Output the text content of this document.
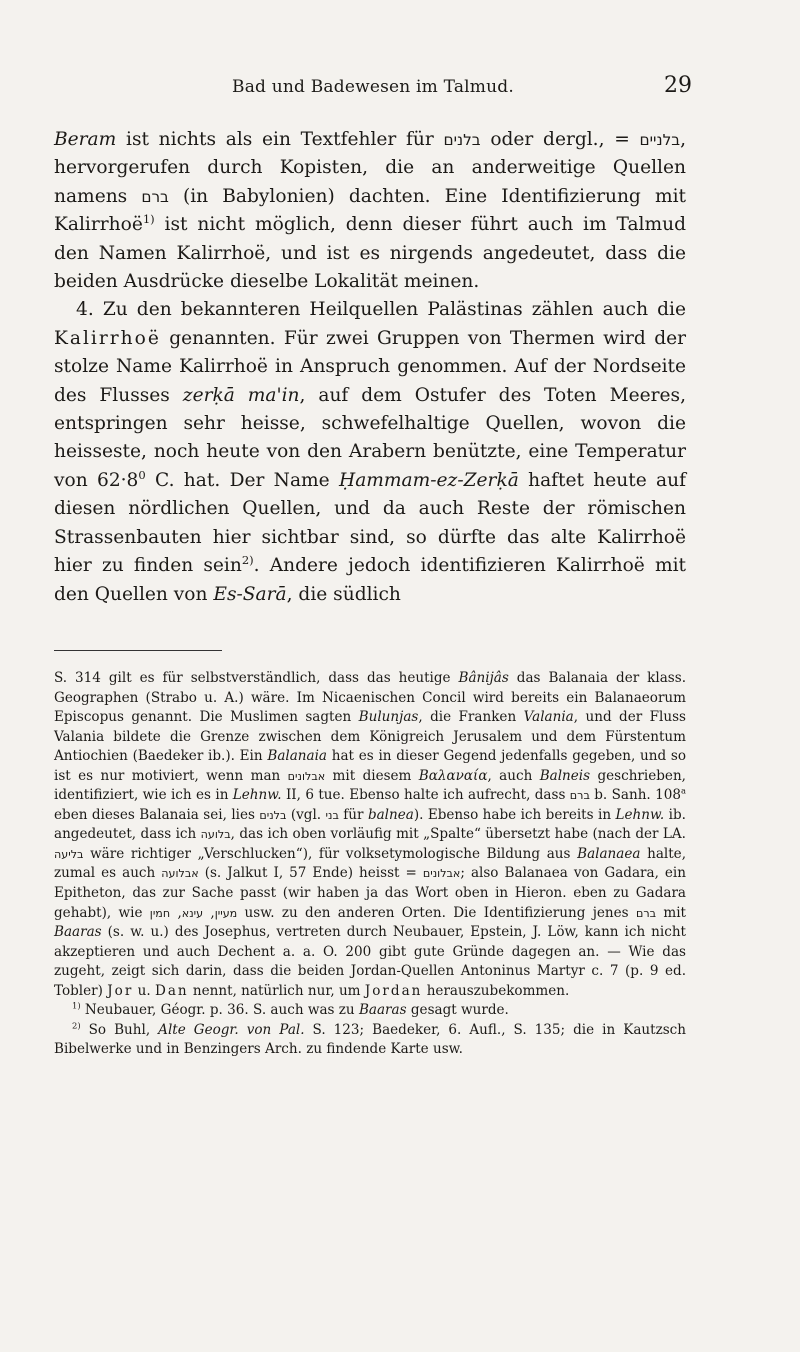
Bad und Badewesen im Talmud.	29

Beram ist nichts als ein Textfehler für בלנים oder dergl., = בלניים, hervorgerufen durch Kopisten, die an anderweitige Quellen namens ברם (in Babylonien) dachten. Eine Identifizierung mit Kalirrhoë$^{1)}$ ist nicht möglich, denn dieser führt auch im Talmud den Namen Kalirrhoë, und ist es nirgends angedeutet, dass die beiden Ausdrücke dieselbe Lokalität meinen.

4. Zu den bekannteren Heilquellen Palästinas zählen auch die Kalirrhoë genannten. Für zwei Gruppen von Thermen wird der stolze Name Kalirrhoë in Anspruch genommen. Auf der Nordseite des Flusses zerḳā ma'in, auf dem Ostufer des Toten Meeres, entspringen sehr heisse, schwefelhaltige Quellen, wovon die heisseste, noch heute von den Arabern benützte, eine Temperatur von $62\cdot 8^0$ C. hat. Der Name Ḥammam-ez-Zerḳā haftet heute auf diesen nördlichen Quellen, und da auch Reste der römischen Strassenbauten hier sichtbar sind, so dürfte das alte Kalirrhoë hier zu finden sein$^{2)}$. Andere jedoch identifizieren Kalirrhoë mit den Quellen von Es-Sarā, die südlich

S. 314 gilt es für selbstverständlich, dass das heutige Bânijâs das Balanaia der klass. Geographen (Strabo u. A.) wäre. Im Nicaenischen Concil wird bereits ein Balanaeorum Episcopus genannt. Die Muslimen sagten Bulunjas, die Franken Valania, und der Fluss Valania bildete die Grenze zwischen dem Königreich Jerusalem und dem Fürstentum Antiochien (Baedeker ib.). Ein Balanaia hat es in dieser Gegend jedenfalls gegeben, und so ist es nur motiviert, wenn man אבלונים mit diesem Βαλαναία, auch Balneis geschrieben, identifiziert, wie ich es in Lehnw. II, 6 tue. Ebenso halte ich aufrecht, dass ברם b. Sanh. 108$^a$ eben dieses Balanaia sei, lies בלנים (vgl. בני für balnea). Ebenso habe ich bereits in Lehnw. ib. angedeutet, dass ich בלועה, das ich oben vorläufig mit „Spalte“ übersetzt habe (nach der LA. בליעה wäre richtiger „Verschlucken“), für volksetymologische Bildung aus Balanaea halte, zumal es auch אבלועה (s. Jalkut I, 57 Ende) heisst = אבלונים; also Balanaea von Gadara, ein Epitheton, das zur Sache passt (wir haben ja das Wort oben in Hieron. eben zu Gadara gehabt), wie	מעיין, עינא, חמין	usw. zu den anderen Orten. Die Identifizierung jenes ברם mit Baaras (s. w. u.) des Josephus, vertreten durch Neubauer, Epstein, J. Löw, kann ich nicht akzeptieren und auch Dechent a. a. O. 200 gibt gute Gründe dagegen an. — Wie das zugeht, zeigt sich darin, dass die beiden Jordan-Quellen Antoninus Martyr c. 7 (p. 9 ed. Tobler) Jor u. Dan nennt, natürlich nur, um Jordan herauszubekommen.

$^{1)}$ Neubauer, Géogr. p. 36. S. auch was zu Baaras gesagt wurde.

$^{2)}$ So Buhl, Alte Geogr. von Pal. S. 123; Baedeker, 6. Aufl., S. 135; die in Kautzsch Bibelwerke und in Benzingers Arch. zu findende Karte usw.
